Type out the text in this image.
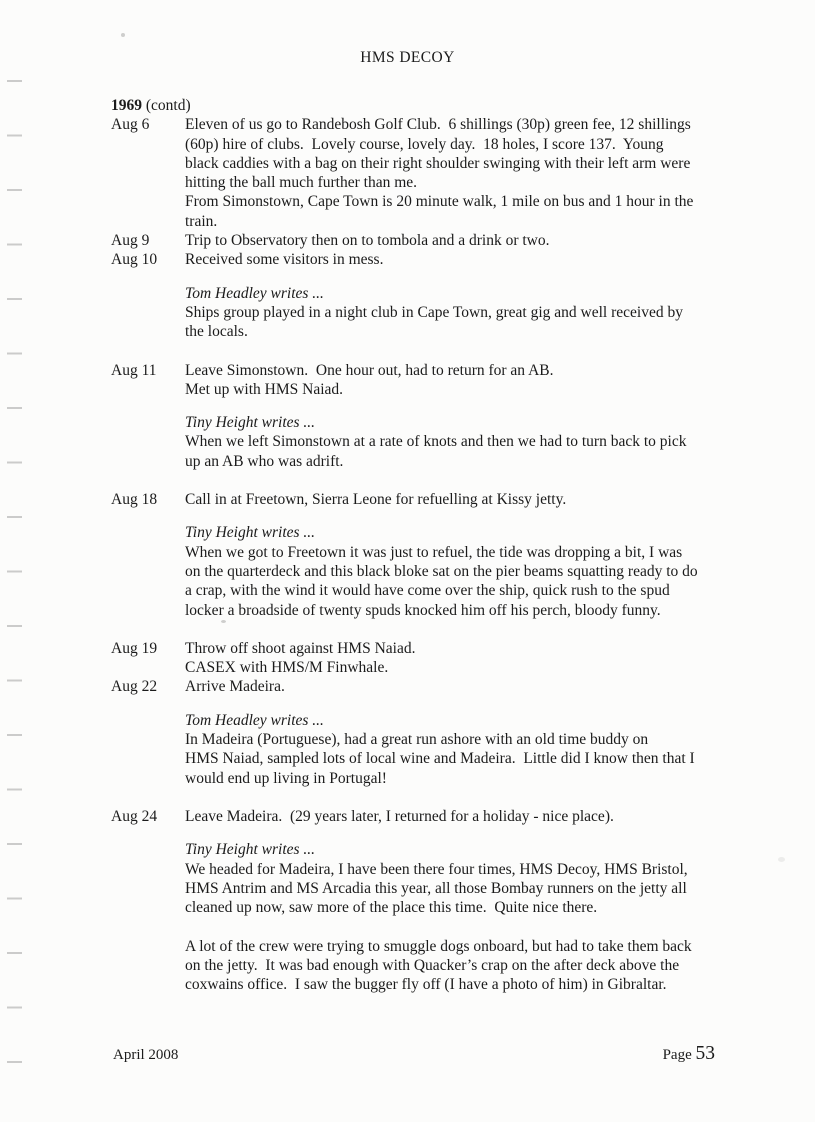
HMS DECOY
1969 (contd)
Aug 6	Eleven of us go to Randebosh Golf Club.  6 shillings (30p) green fee, 12 shillings
(60p) hire of clubs.  Lovely course, lovely day.  18 holes, I score 137.  Young
black caddies with a bag on their right shoulder swinging with their left arm were
hitting the ball much further than me.
From Simonstown, Cape Town is 20 minute walk, 1 mile on bus and 1 hour in the
train.
Aug 9	Trip to Observatory then on to tombola and a drink or two.
Aug 10	Received some visitors in mess.
Tom Headley writes ...
Ships group played in a night club in Cape Town, great gig and well received by
the locals.
Aug 11	Leave Simonstown.  One hour out, had to return for an AB.
Met up with HMS Naiad.
Tiny Height writes ...
When we left Simonstown at a rate of knots and then we had to turn back to pick
up an AB who was adrift.
Aug 18	Call in at Freetown, Sierra Leone for refuelling at Kissy jetty.
Tiny Height writes ...
When we got to Freetown it was just to refuel, the tide was dropping a bit, I was
on the quarterdeck and this black bloke sat on the pier beams squatting ready to do
a crap, with the wind it would have come over the ship, quick rush to the spud
locker a broadside of twenty spuds knocked him off his perch, bloody funny.
Aug 19	Throw off shoot against HMS Naiad.
CASEX with HMS/M Finwhale.
Aug 22	Arrive Madeira.
Tom Headley writes ...
In Madeira (Portuguese), had a great run ashore with an old time buddy on
HMS Naiad, sampled lots of local wine and Madeira.  Little did I know then that I
would end up living in Portugal!
Aug 24	Leave Madeira.  (29 years later, I returned for a holiday - nice place).
Tiny Height writes ...
We headed for Madeira, I have been there four times, HMS Decoy, HMS Bristol,
HMS Antrim and MS Arcadia this year, all those Bombay runners on the jetty all
cleaned up now, saw more of the place this time.  Quite nice there.

A lot of the crew were trying to smuggle dogs onboard, but had to take them back
on the jetty.  It was bad enough with Quacker’s crap on the after deck above the
coxwains office.  I saw the bugger fly off (I have a photo of him) in Gibraltar.
April 2008	Page 53
